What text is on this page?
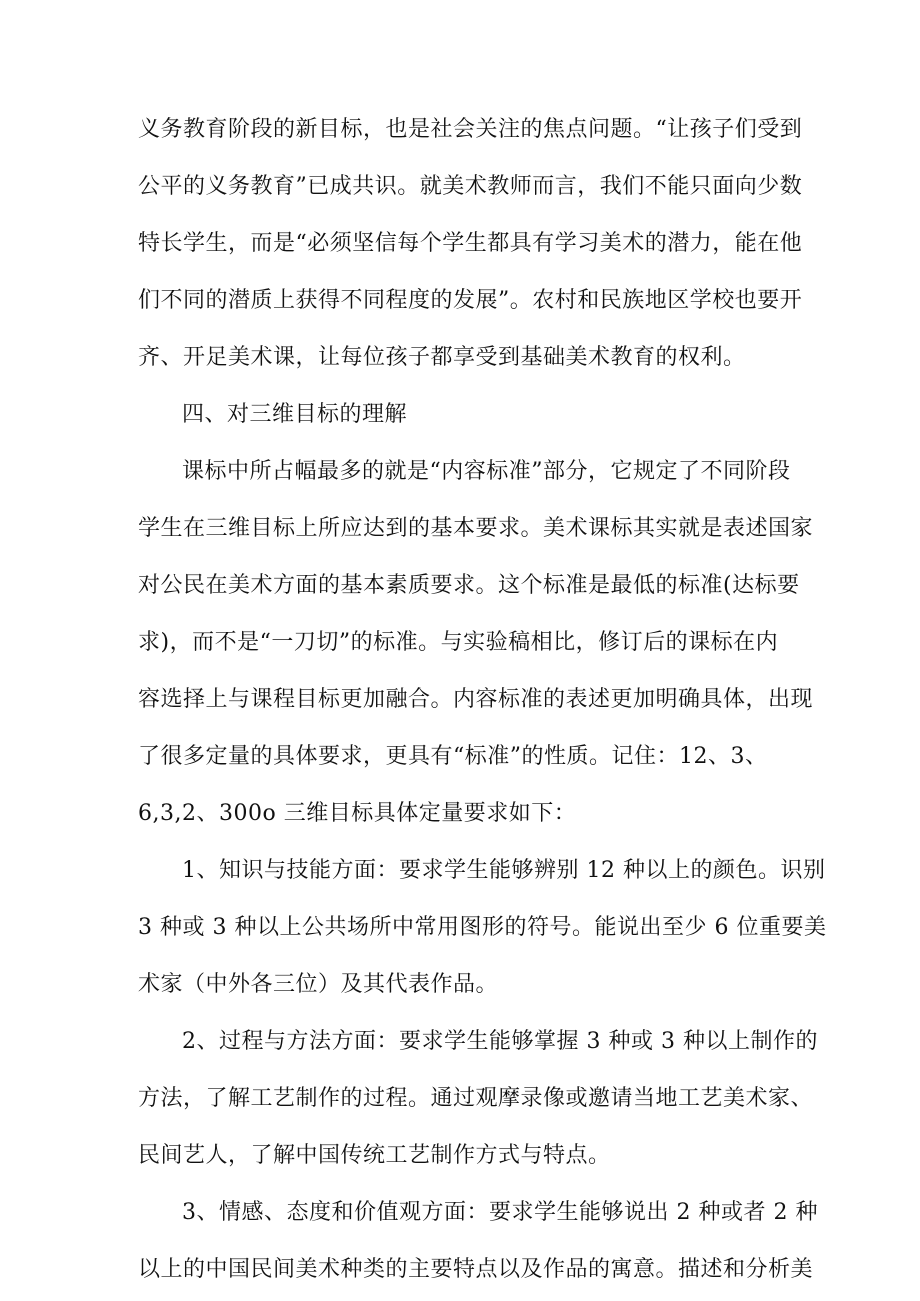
义务教育阶段的新目标，也是社会关注的焦点问题。“让孩子们受到
公平的义务教育”已成共识。就美术教师而言，我们不能只面向少数
特长学生，而是“必须坚信每个学生都具有学习美术的潜力，能在他
们不同的潜质上获得不同程度的发展”。农村和民族地区学校也要开
齐、开足美术课，让每位孩子都享受到基础美术教育的权利。
四、对三维目标的理解
课标中所占幅最多的就是“内容标准”部分，它规定了不同阶段
学生在三维目标上所应达到的基本要求。美术课标其实就是表述国家
对公民在美术方面的基本素质要求。这个标准是最低的标准(达标要
求)，而不是“一刀切”的标准。与实验稿相比，修订后的课标在内
容选择上与课程目标更加融合。内容标准的表述更加明确具体，出现
了很多定量的具体要求，更具有“标准”的性质。记住：12、3、
6,3,2、300o 三维目标具体定量要求如下：
1、知识与技能方面：要求学生能够辨别 12 种以上的颜色。识别
3 种或 3 种以上公共场所中常用图形的符号。能说出至少 6 位重要美
术家（中外各三位）及其代表作品。
2、过程与方法方面：要求学生能够掌握 3 种或 3 种以上制作的
方法，了解工艺制作的过程。通过观摩录像或邀请当地工艺美术家、
民间艺人，了解中国传统工艺制作方式与特点。
3、情感、态度和价值观方面：要求学生能够说出 2 种或者 2 种
以上的中国民间美术种类的主要特点以及作品的寓意。描述和分析美
